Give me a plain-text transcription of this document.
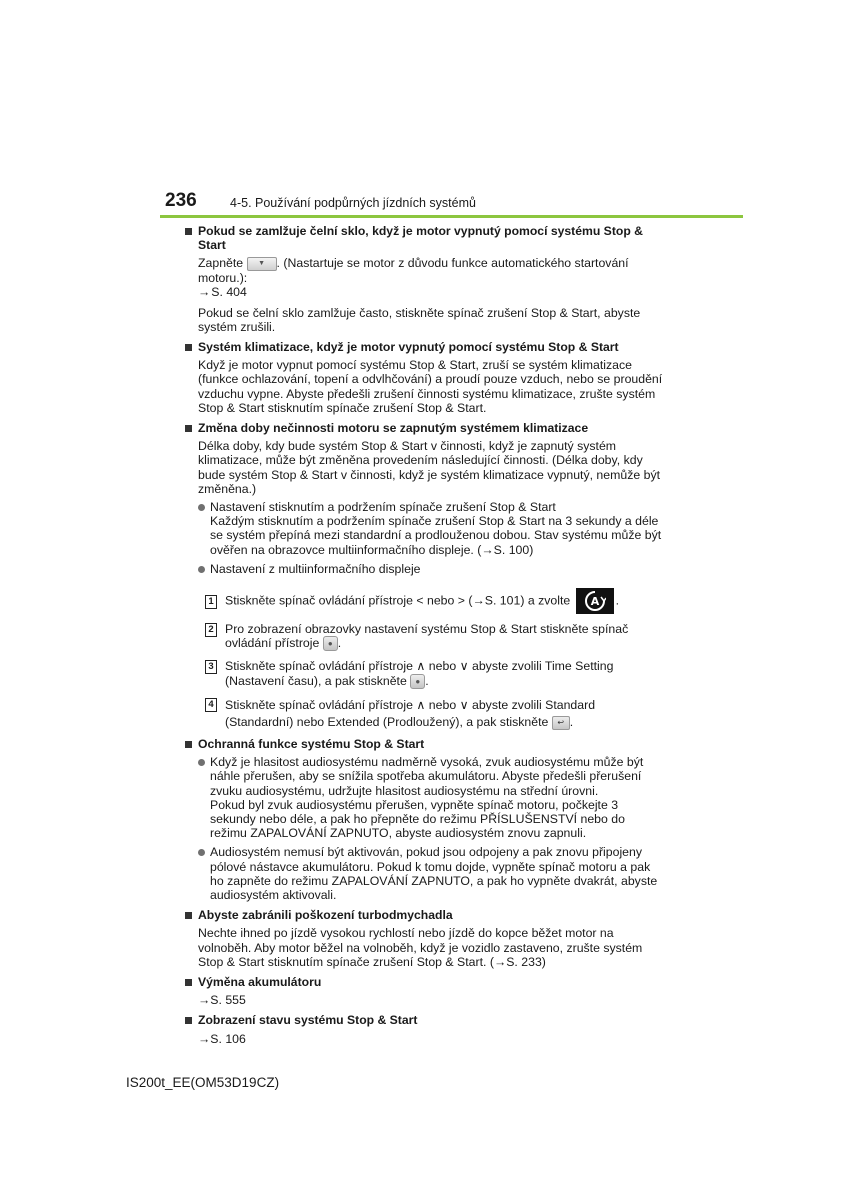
236	4-5. Používání podpůrných jízdních systémů
Pokud se zamlžuje čelní sklo, když je motor vypnutý pomocí systému Stop & Start

Zapněte ▼ . (Nastartuje se motor z důvodu funkce automatického startování motoru.):
→S. 404

Pokud se čelní sklo zamlžuje často, stiskněte spínač zrušení Stop & Start, abyste systém zrušili.

Systém klimatizace, když je motor vypnutý pomocí systému Stop & Start

Když je motor vypnut pomocí systému Stop & Start, zruší se systém klimatizace (funkce ochlazování, topení a odvlhčování) a proudí pouze vzduch, nebo se proudění vzduchu vypne. Abyste předešli zrušení činnosti systému klimatizace, zrušte systém Stop & Start stisknutím spínače zrušení Stop & Start.

Změna doby nečinnosti motoru se zapnutým systémem klimatizace

Délka doby, kdy bude systém Stop & Start v činnosti, když je zapnutý systém klimatizace, může být změněna provedením následující činnosti. (Délka doby, kdy bude systém Stop & Start v činnosti, když je systém klimatizace vypnutý, nemůže být změněna.)

Nastavení stisknutím a podržením spínače zrušení Stop & Start
Každým stisknutím a podržením spínače zrušení Stop & Start na 3 sekundy a déle se systém přepíná mezi standardní a prodlouženou dobou. Stav systému může být ověřen na obrazovce multiinformačního displeje. (→S. 100)
Nastavení z multiinformačního displeje
1 Stiskněte spínač ovládání přístroje < nebo > (→S. 101) a zvolte A .
2 Pro zobrazení obrazovky nastavení systému Stop & Start stiskněte spínač ovládání přístroje ● .
3 Stiskněte spínač ovládání přístroje ∧ nebo ∨ abyste zvolili Time Setting (Nastavení času), a pak stiskněte ● .
4 Stiskněte spínač ovládání přístroje ∧ nebo ∨ abyste zvolili Standard (Standardní) nebo Extended (Prodloužený), a pak stiskněte ↩ .
Ochranná funkce systému Stop & Start
Když je hlasitost audiosystému nadměrně vysoká, zvuk audiosystému může být náhle přerušen, aby se snížila spotřeba akumulátoru. Abyste předešli přerušení zvuku audiosystému, udržujte hlasitost audiosystému na střední úrovni.
Pokud byl zvuk audiosystému přerušen, vypněte spínač motoru, počkejte 3 sekundy nebo déle, a pak ho přepněte do režimu PŘÍSLUŠENSTVÍ nebo do režimu ZAPALOVÁNÍ ZAPNUTO, abyste audiosystém znovu zapnuli.
Audiosystém nemusí být aktivován, pokud jsou odpojeny a pak znovu připojeny pólové nástavce akumulátoru. Pokud k tomu dojde, vypněte spínač motoru a pak ho zapněte do režimu ZAPALOVÁNÍ ZAPNUTO, a pak ho vypněte dvakrát, abyste audiosystém aktivovali.
Abyste zabránili poškození turbodmychadla

Nechte ihned po jízdě vysokou rychlostí nebo jízdě do kopce běžet motor na volnoběh. Aby motor běžel na volnoběh, když je vozidlo zastaveno, zrušte systém Stop & Start stisknutím spínače zrušení Stop & Start. (→S. 233)

Výměna akumulátoru

→S. 555

Zobrazení stavu systému Stop & Start

→S. 106

IS200t_EE(OM53D19CZ)
